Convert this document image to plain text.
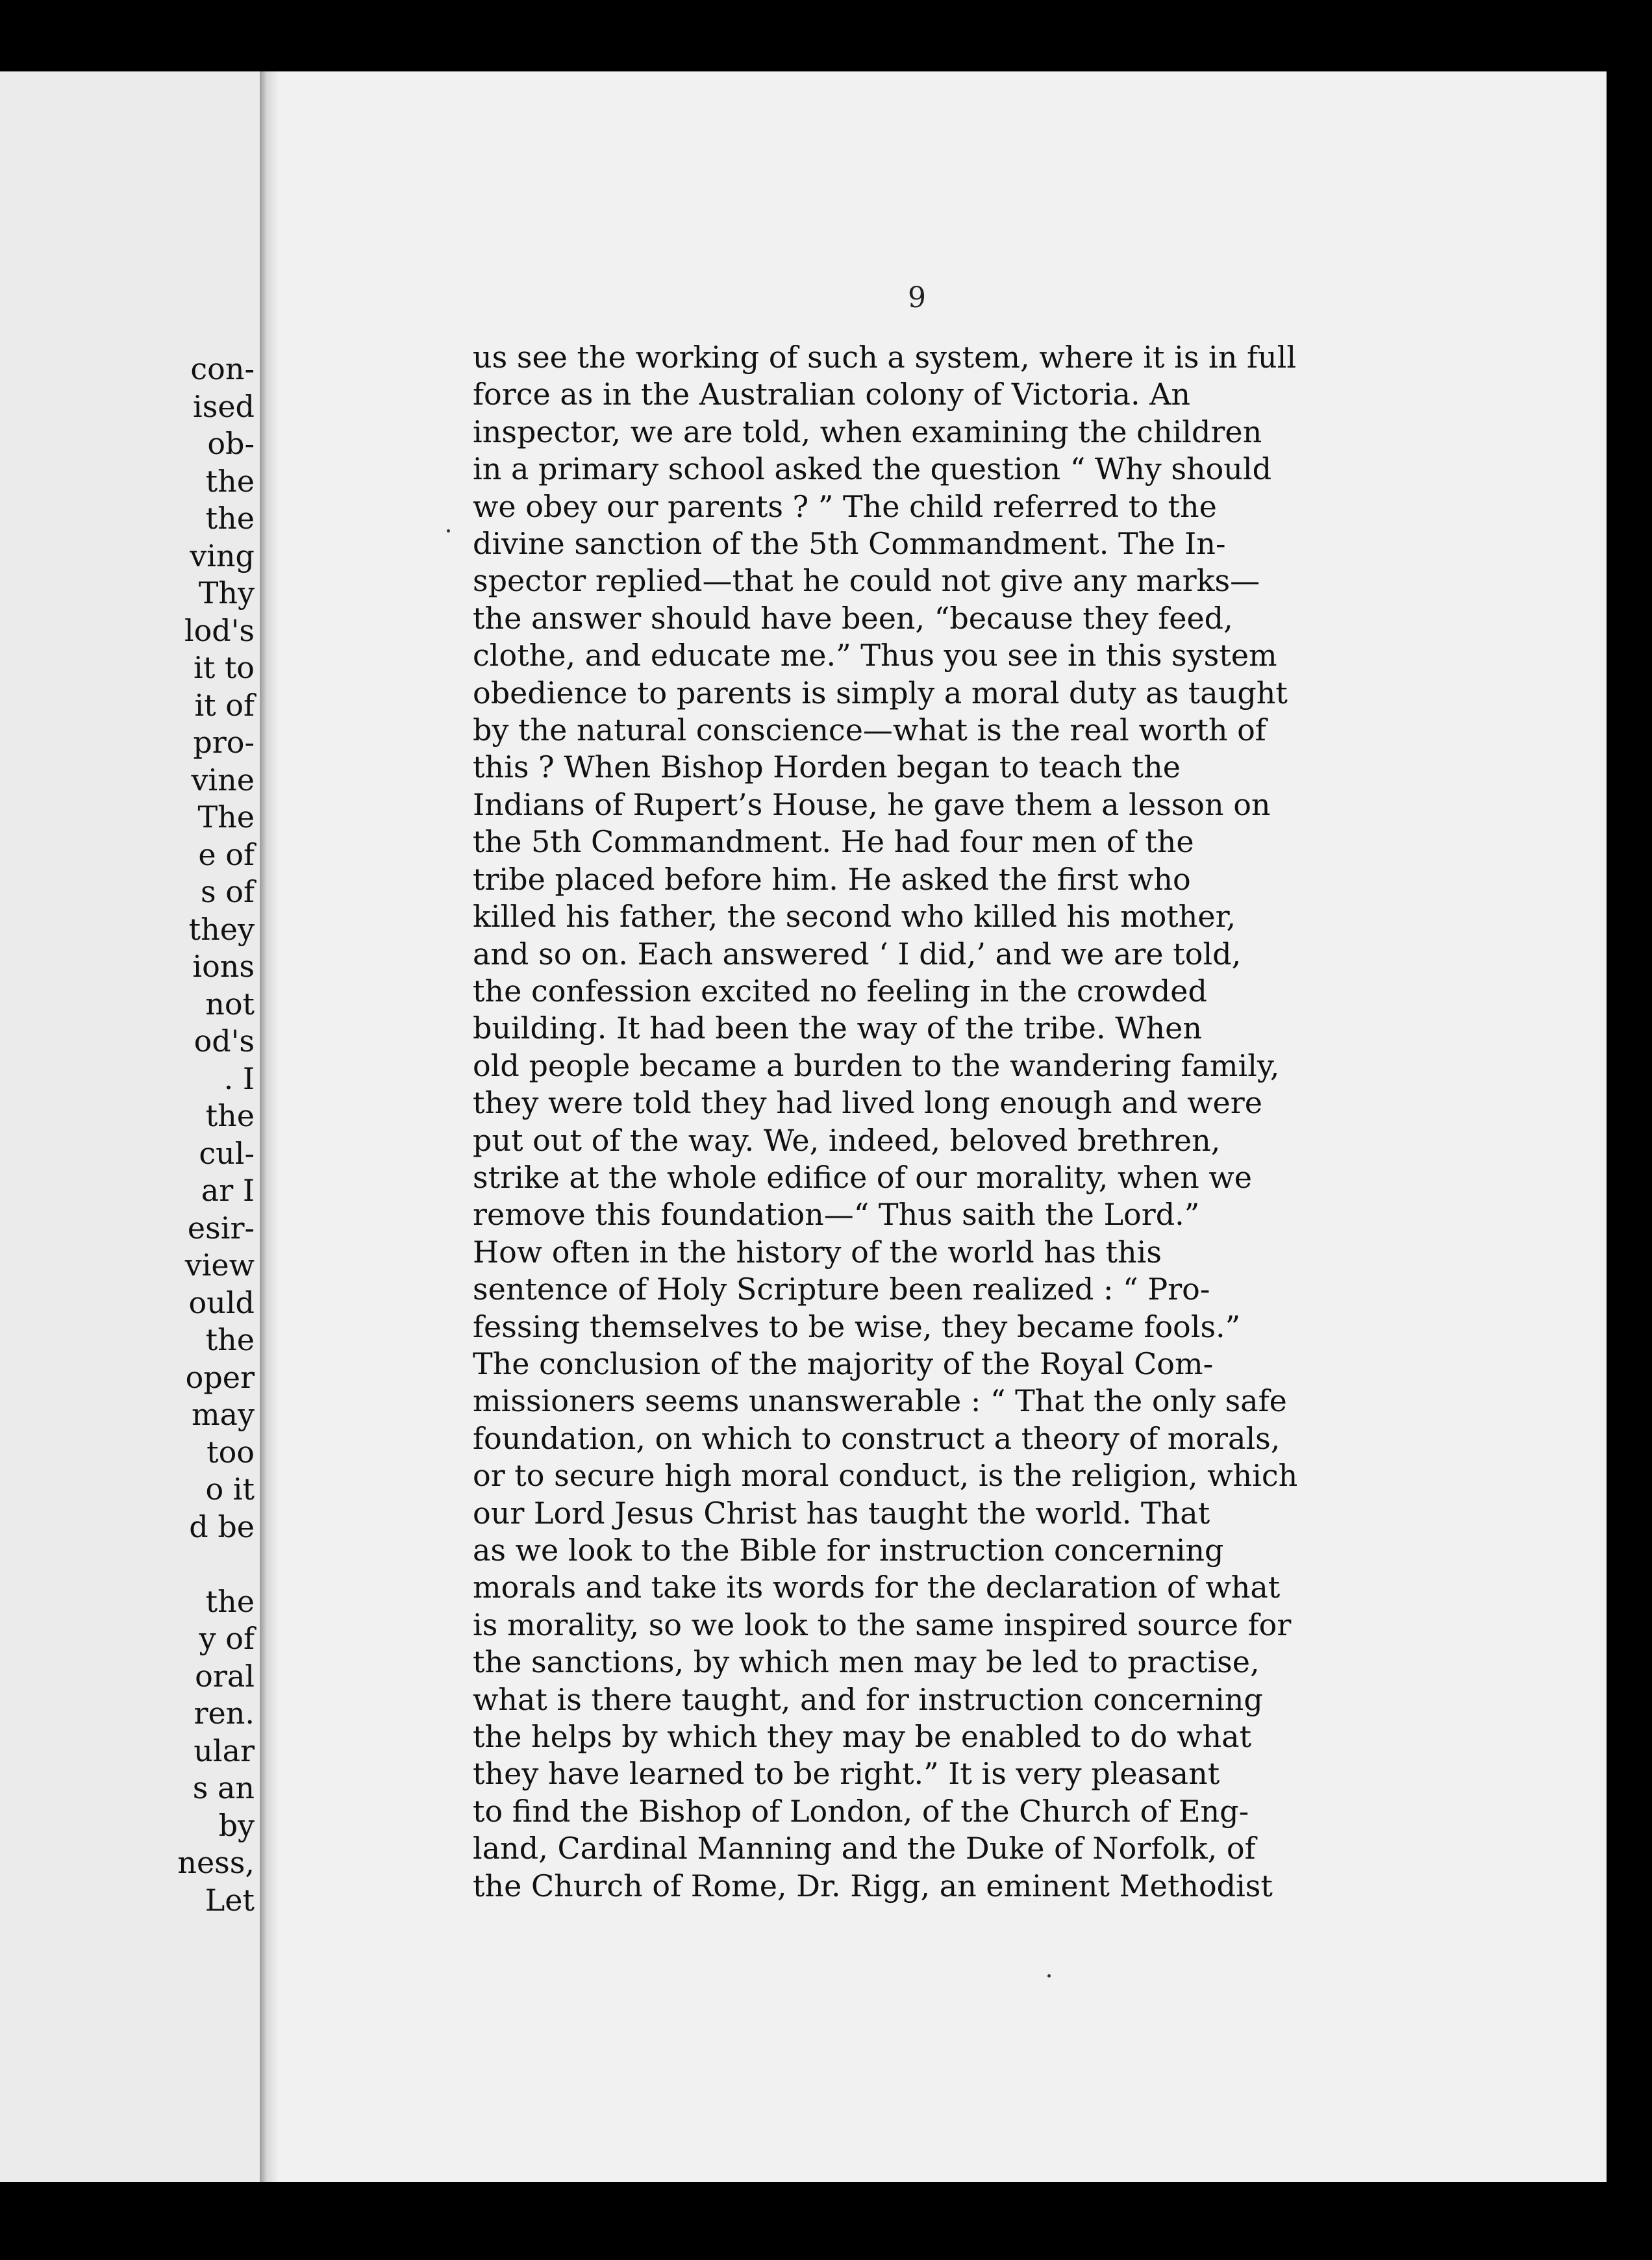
con-
ised
ob-
the
the
ving
Thy
lod's
it to
it of
pro-
vine
The
e of
s of
they
ions
not
od's
. I
the
cul-
ar I
esir-
view
ould
the
oper
may
too
o it
d be

the
y of
oral
ren.
ular
s an
by
ness,
Let
9
us see the working of such a system, where it is in full
force as in the Australian colony of Victoria. An
inspector, we are told, when examining the children
in a primary school asked the question “ Why should
we obey our parents ? ” The child referred to the
divine sanction of the 5th Commandment. The In-
spector replied—that he could not give any marks—
the answer should have been, “because they feed,
clothe, and educate me.” Thus you see in this system
obedience to parents is simply a moral duty as taught
by the natural conscience—what is the real worth of
this ? When Bishop Horden began to teach the
Indians of Rupert’s House, he gave them a lesson on
the 5th Commandment. He had four men of the
tribe placed before him. He asked the first who
killed his father, the second who killed his mother,
and so on. Each answered ‘ I did,’ and we are told,
the confession excited no feeling in the crowded
building. It had been the way of the tribe. When
old people became a burden to the wandering family,
they were told they had lived long enough and were
put out of the way. We, indeed, beloved brethren,
strike at the whole edifice of our morality, when we
remove this foundation—“ Thus saith the Lord.”
How often in the history of the world has this
sentence of Holy Scripture been realized : “ Pro-
fessing themselves to be wise, they became fools.”
The conclusion of the majority of the Royal Com-
missioners seems unanswerable : “ That the only safe
foundation, on which to construct a theory of morals,
or to secure high moral conduct, is the religion, which
our Lord Jesus Christ has taught the world. That
as we look to the Bible for instruction concerning
morals and take its words for the declaration of what
is morality, so we look to the same inspired source for
the sanctions, by which men may be led to practise,
what is there taught, and for instruction concerning
the helps by which they may be enabled to do what
they have learned to be right.” It is very pleasant
to find the Bishop of London, of the Church of Eng-
land, Cardinal Manning and the Duke of Norfolk, of
the Church of Rome, Dr. Rigg, an eminent Methodist
